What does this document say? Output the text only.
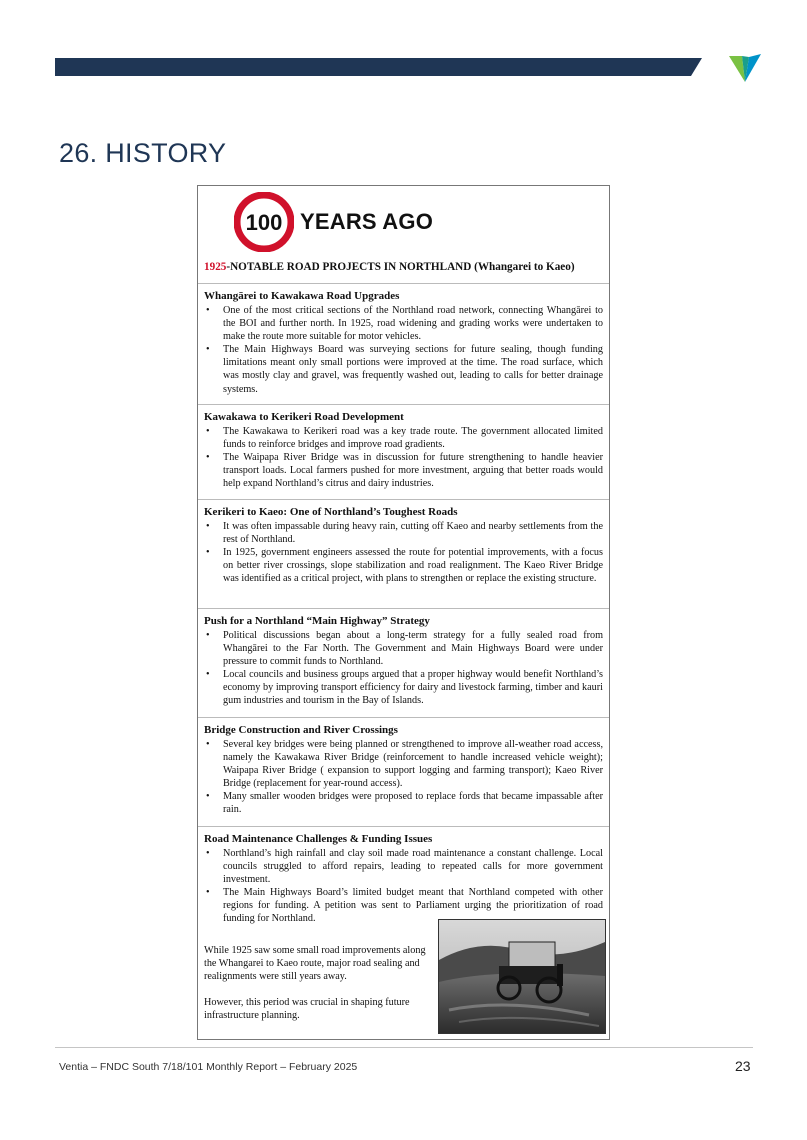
26. HISTORY
100 YEARS AGO
1925-NOTABLE ROAD PROJECTS IN NORTHLAND (Whangarei to Kaeo)
Whangārei to Kawakawa Road Upgrades
• One of the most critical sections of the Northland road network, connecting Whangārei to the BOI and further north. In 1925, road widening and grading works were undertaken to make the route more suitable for motor vehicles.
• The Main Highways Board was surveying sections for future sealing, though funding limitations meant only small portions were improved at the time. The road surface, which was mostly clay and gravel, was frequently washed out, leading to calls for better drainage systems.
Kawakawa to Kerikeri Road Development
• The Kawakawa to Kerikeri road was a key trade route. The government allocated limited funds to reinforce bridges and improve road gradients.
• The Waipapa River Bridge was in discussion for future strengthening to handle heavier transport loads. Local farmers pushed for more investment, arguing that better roads would help expand Northland’s citrus and dairy industries.
Kerikeri to Kaeo: One of Northland’s Toughest Roads
• It was often impassable during heavy rain, cutting off Kaeo and nearby settlements from the rest of Northland.
• In 1925, government engineers assessed the route for potential improvements, with a focus on better river crossings, slope stabilization and road realignment. The Kaeo River Bridge was identified as a critical project, with plans to strengthen or replace the existing structure.
Push for a Northland “Main Highway” Strategy
• Political discussions began about a long-term strategy for a fully sealed road from Whangārei to the Far North. The Government and Main Highways Board were under pressure to commit funds to Northland.
• Local councils and business groups argued that a proper highway would benefit Northland’s economy by improving transport efficiency for dairy and livestock farming, timber and kauri gum industries and tourism in the Bay of Islands.
Bridge Construction and River Crossings
• Several key bridges were being planned or strengthened to improve all-weather road access, namely the Kawakawa River Bridge (reinforcement to handle increased vehicle weight); Waipapa River Bridge ( expansion to support logging and farming transport); Kaeo River Bridge (replacement for year-round access).
• Many smaller wooden bridges were proposed to replace fords that became impassable after rain.
Road Maintenance Challenges & Funding Issues
• Northland’s high rainfall and clay soil made road maintenance a constant challenge. Local councils struggled to afford repairs, leading to repeated calls for more government investment.
• The Main Highways Board’s limited budget meant that Northland competed with other regions for funding. A petition was sent to Parliament urging the prioritization of road funding for Northland.

While 1925 saw some small road improvements along the Whangarei to Kaeo route, major road sealing and realignments were still years away.

However, this period was crucial in shaping future infrastructure planning.

Ventia – FNDC South 7/18/101 Monthly Report – February 2025	23
